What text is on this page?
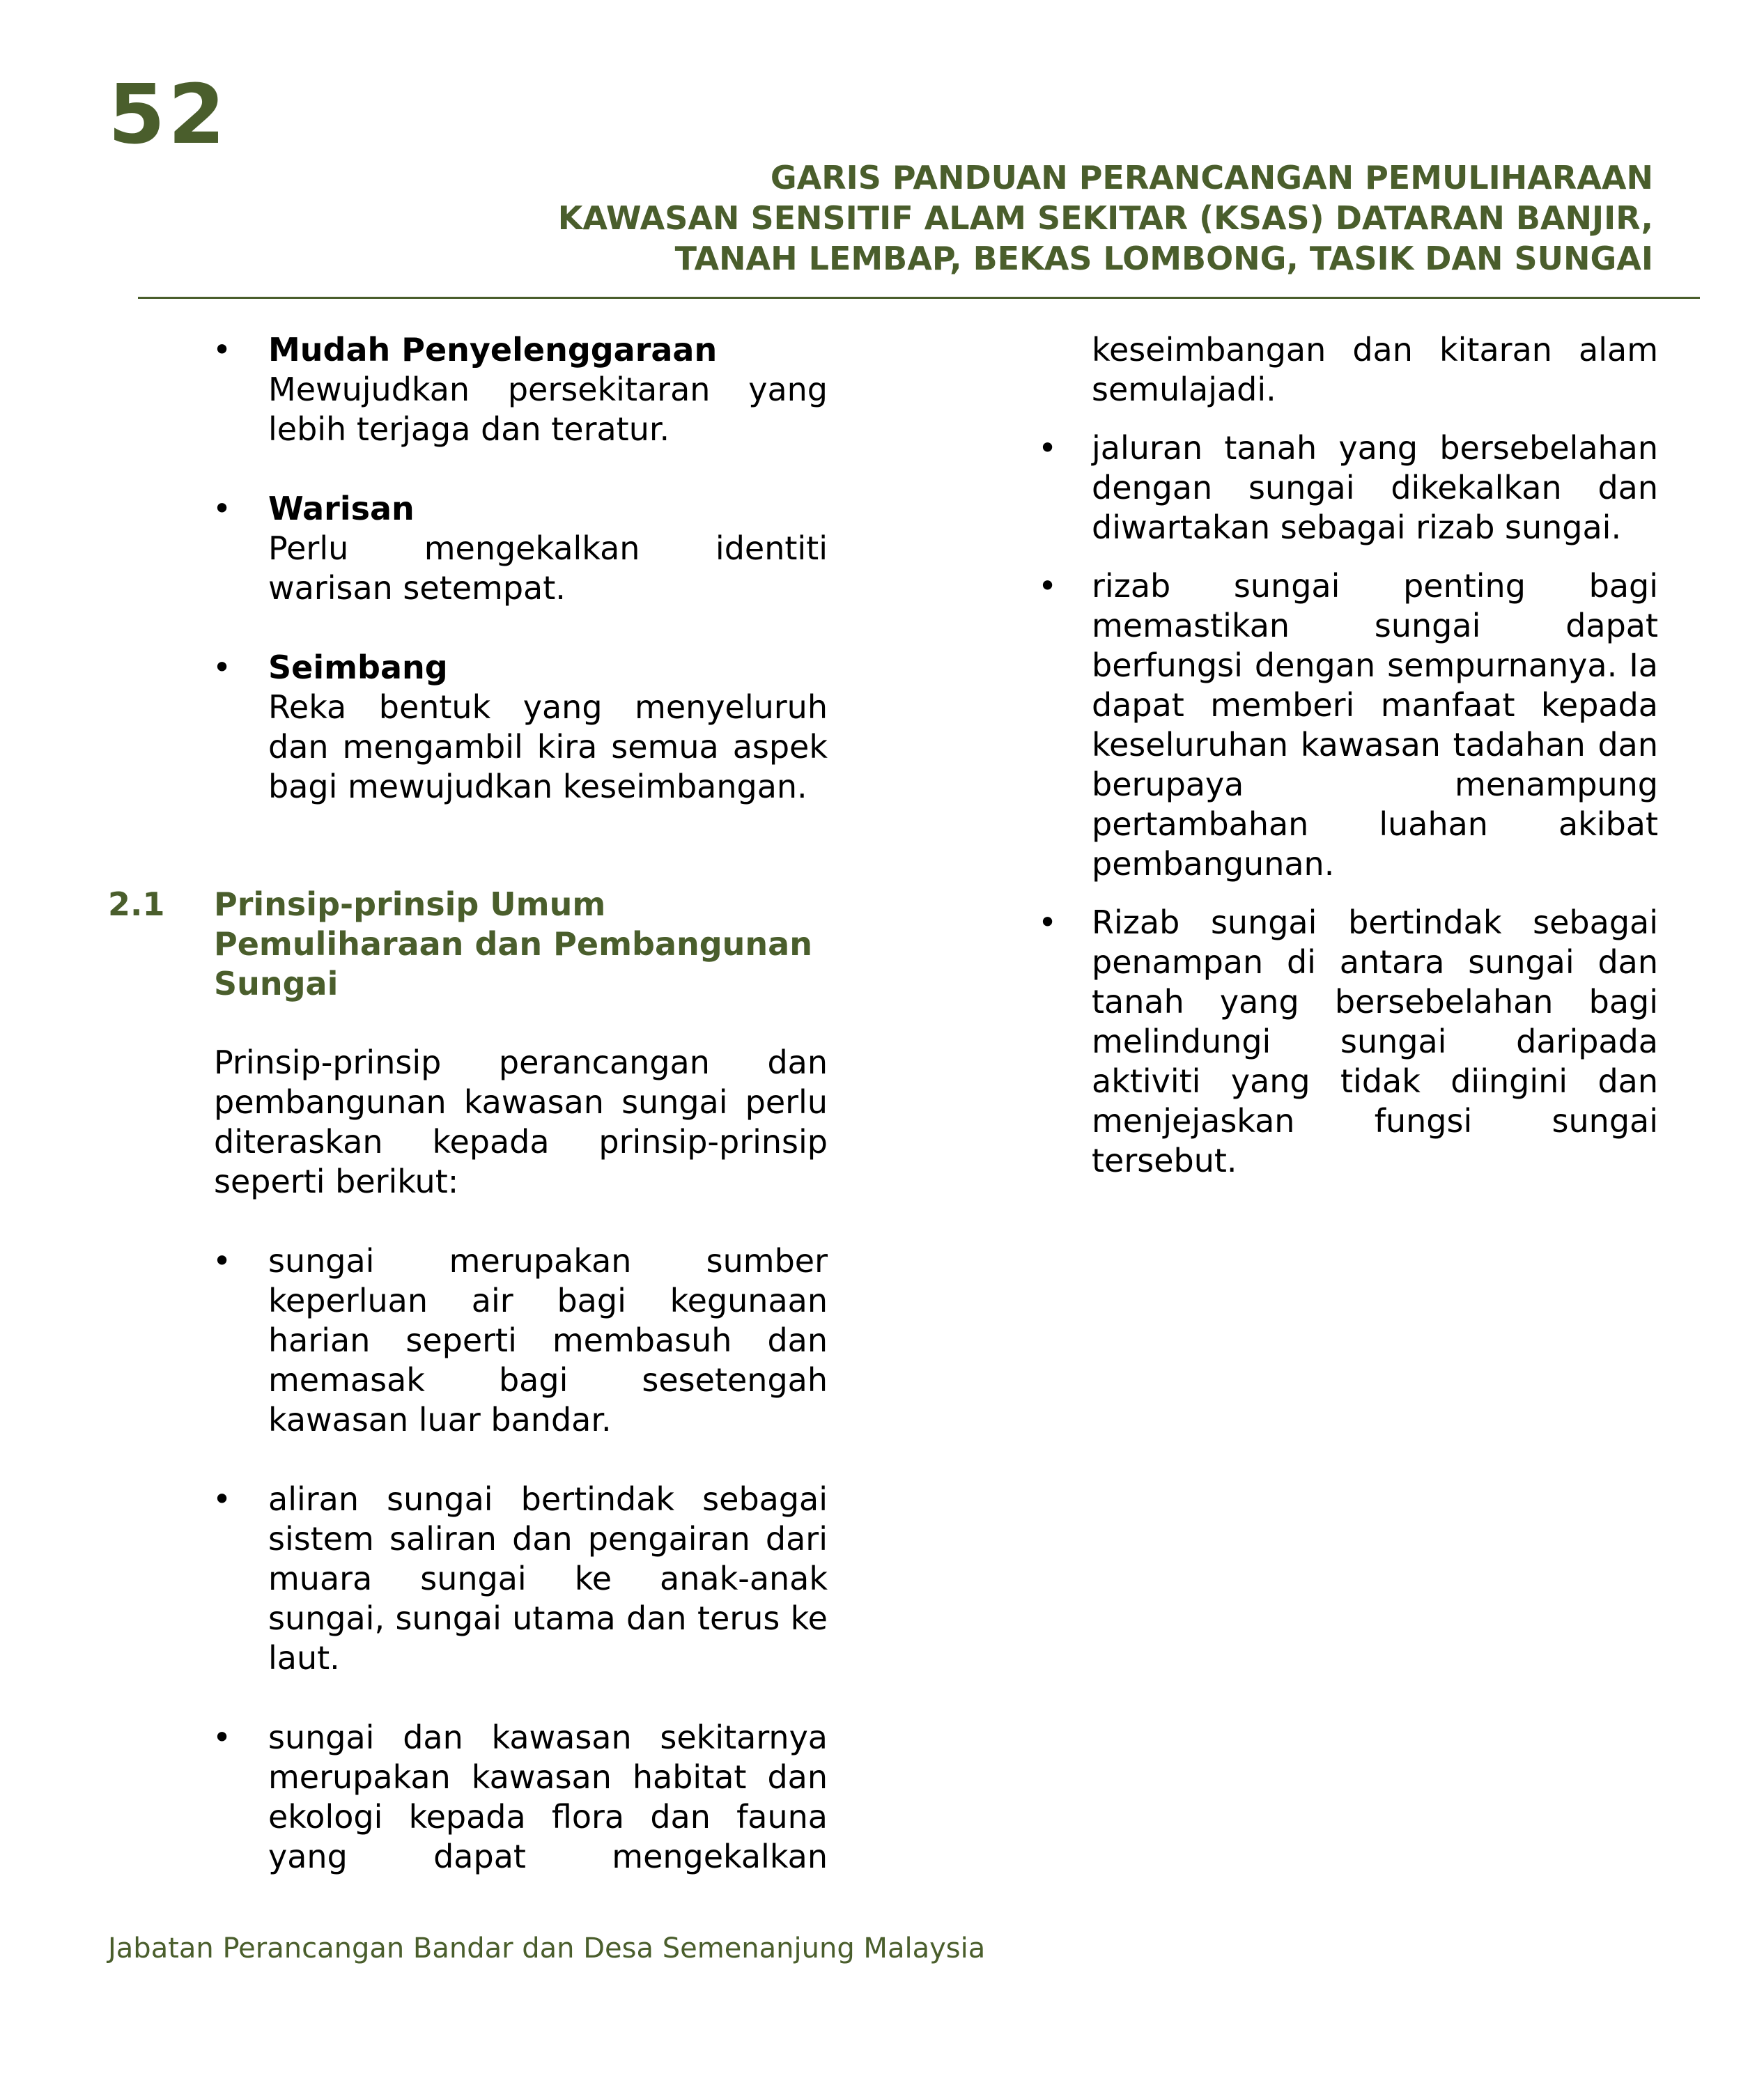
52
GARIS PANDUAN PERANCANGAN PEMULIHARAAN
KAWASAN SENSITIF ALAM SEKITAR (KSAS) DATARAN BANJIR,
TANAH LEMBAP, BEKAS LOMBONG, TASIK DAN SUNGAI
• Mudah Penyelenggaraan

Mewujudkan persekitaran yang lebih terjaga dan teratur.

• Warisan

Perlu mengekalkan identiti warisan setempat.

• Seimbang

Reka bentuk yang menyeluruh dan mengambil kira semua aspek bagi mewujudkan keseimbangan.

2.1 Prinsip-prinsip Umum Pemuliharaan dan Pembangunan Sungai

Prinsip-prinsip perancangan dan pembangunan kawasan sungai perlu diteraskan kepada prinsip-prinsip seperti berikut:

• sungai merupakan sumber keperluan air bagi kegunaan harian seperti membasuh dan memasak bagi sesetengah kawasan luar bandar.

• aliran sungai bertindak sebagai sistem saliran dan pengairan dari muara sungai ke anak-anak sungai, sungai utama dan terus ke laut.

• sungai dan kawasan sekitarnya merupakan kawasan habitat dan ekologi kepada flora dan fauna yang dapat mengekalkan

keseimbangan dan kitaran alam semulajadi.

• jaluran tanah yang bersebelahan dengan sungai dikekalkan dan diwartakan sebagai rizab sungai.

• rizab sungai penting bagi memastikan sungai dapat berfungsi dengan sempurnanya. Ia dapat memberi manfaat kepada keseluruhan kawasan tadahan dan berupaya menampung pertambahan luahan akibat pembangunan.

• Rizab sungai bertindak sebagai penampan di antara sungai dan tanah yang bersebelahan bagi melindungi sungai daripada aktiviti yang tidak diingini dan menjejaskan fungsi sungai tersebut.

Jabatan Perancangan Bandar dan Desa Semenanjung Malaysia
